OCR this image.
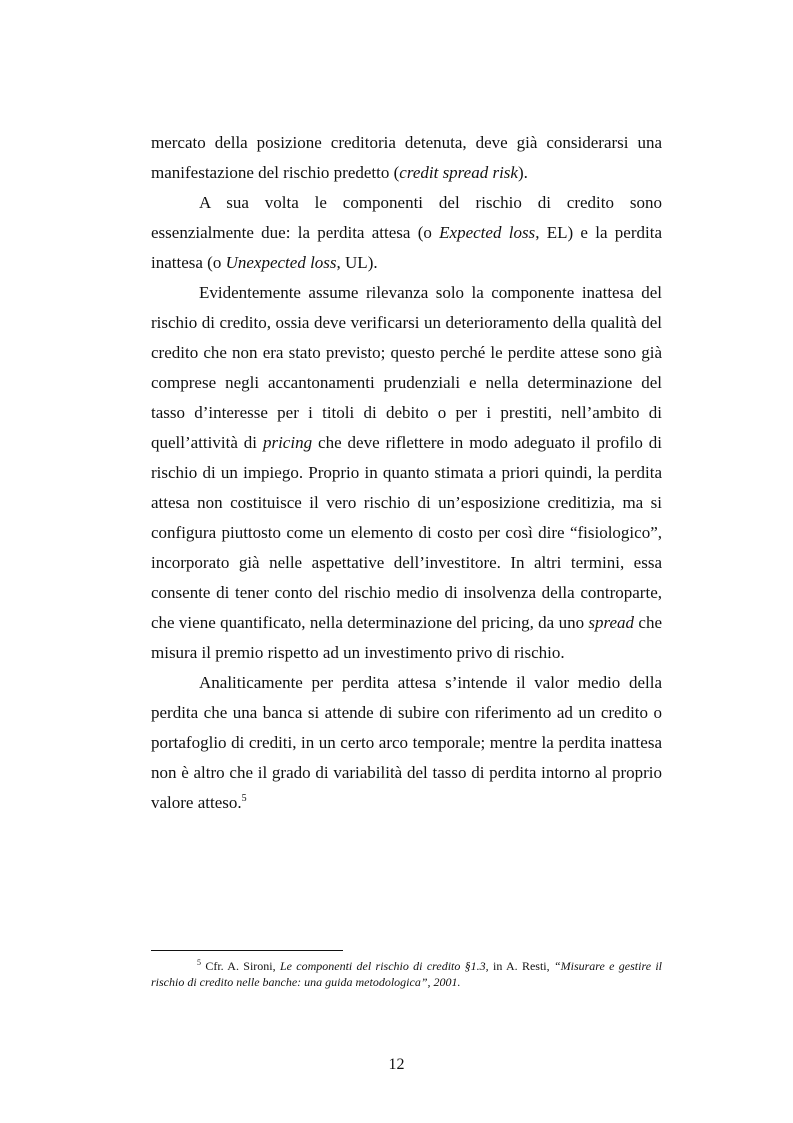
mercato della posizione creditoria detenuta, deve già considerarsi una manifestazione del rischio predetto (credit spread risk).

A sua volta le componenti del rischio di credito sono essenzialmente due: la perdita attesa (o Expected loss, EL) e la perdita inattesa (o Unexpected loss, UL).

Evidentemente assume rilevanza solo la componente inattesa del rischio di credito, ossia deve verificarsi un deterioramento della qualità del credito che non era stato previsto; questo perché le perdite attese sono già comprese negli accantonamenti prudenziali e nella determinazione del tasso d’interesse per i titoli di debito o per i prestiti, nell’ambito di quell’attività di pricing che deve riflettere in modo adeguato il profilo di rischio di un impiego. Proprio in quanto stimata a priori quindi, la perdita attesa non costituisce il vero rischio di un’esposizione creditizia, ma si configura piuttosto come un elemento di costo per così dire “fisiologico”, incorporato già nelle aspettative dell’investitore. In altri termini, essa consente di tener conto del rischio medio di insolvenza della controparte, che viene quantificato, nella determinazione del pricing, da uno spread che misura il premio rispetto ad un investimento privo di rischio.

Analiticamente per perdita attesa s’intende il valor medio della perdita che una banca si attende di subire con riferimento ad un credito o portafoglio di crediti, in un certo arco temporale; mentre la perdita inattesa non è altro che il grado di variabilità del tasso di perdita intorno al proprio valore atteso.$^5$

$^5$ Cfr. A. Sironi, Le componenti del rischio di credito §1.3, in A. Resti, “Misurare e gestire il rischio di credito nelle banche: una guida metodologica”, 2001.
12
